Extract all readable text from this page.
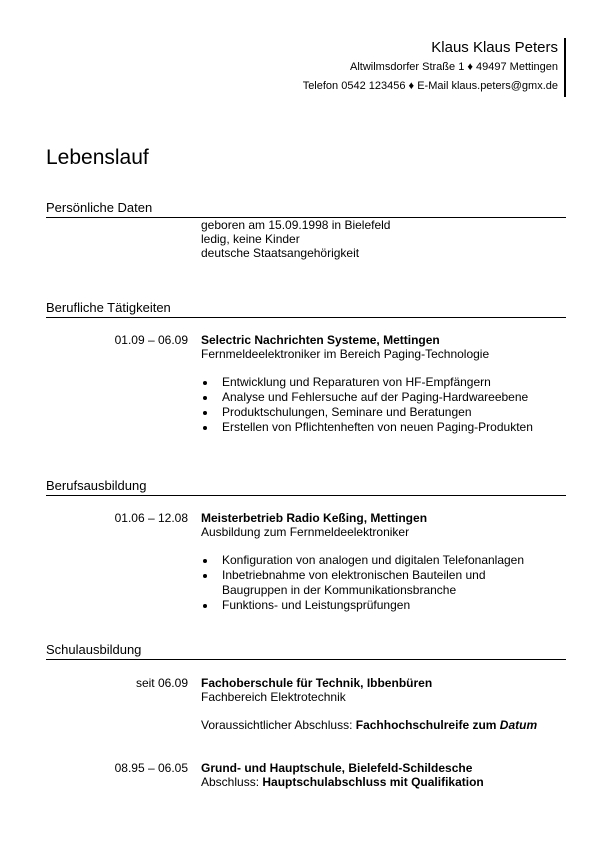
Klaus Klaus Peters
Altwilmsdorfer Straße 1 ♦ 49497 Mettingen
Telefon 0542 123456 ♦ E-Mail klaus.peters@gmx.de
Lebenslauf
Persönliche Daten
geboren am 15.09.1998 in Bielefeld
ledig, keine Kinder
deutsche Staatsangehörigkeit
Berufliche Tätigkeiten
01.09 – 06.09 Selectric Nachrichten Systeme, Mettingen
Fernmeldeelektroniker im Bereich Paging-Technologie
Entwicklung und Reparaturen von HF-Empfängern
Analyse und Fehlersuche auf der Paging-Hardwareebene
Produktschulungen, Seminare und Beratungen
Erstellen von Pflichtenheften von neuen Paging-Produkten
Berufsausbildung
01.06 – 12.08 Meisterbetrieb Radio Keßing, Mettingen
Ausbildung zum Fernmeldeelektroniker
Konfiguration von analogen und digitalen Telefonanlagen
Inbetriebnahme von elektronischen Bauteilen und Baugruppen in der Kommunikationsbranche
Funktions- und Leistungsprüfungen
Schulausbildung
seit 06.09 Fachoberschule für Technik, Ibbenbüren
Fachbereich Elektrotechnik
Voraussichtlicher Abschluss: Fachhochschulreife zum Datum
08.95 – 06.05 Grund- und Hauptschule, Bielefeld-Schildesche
Abschluss: Hauptschulabschluss mit Qualifikation
